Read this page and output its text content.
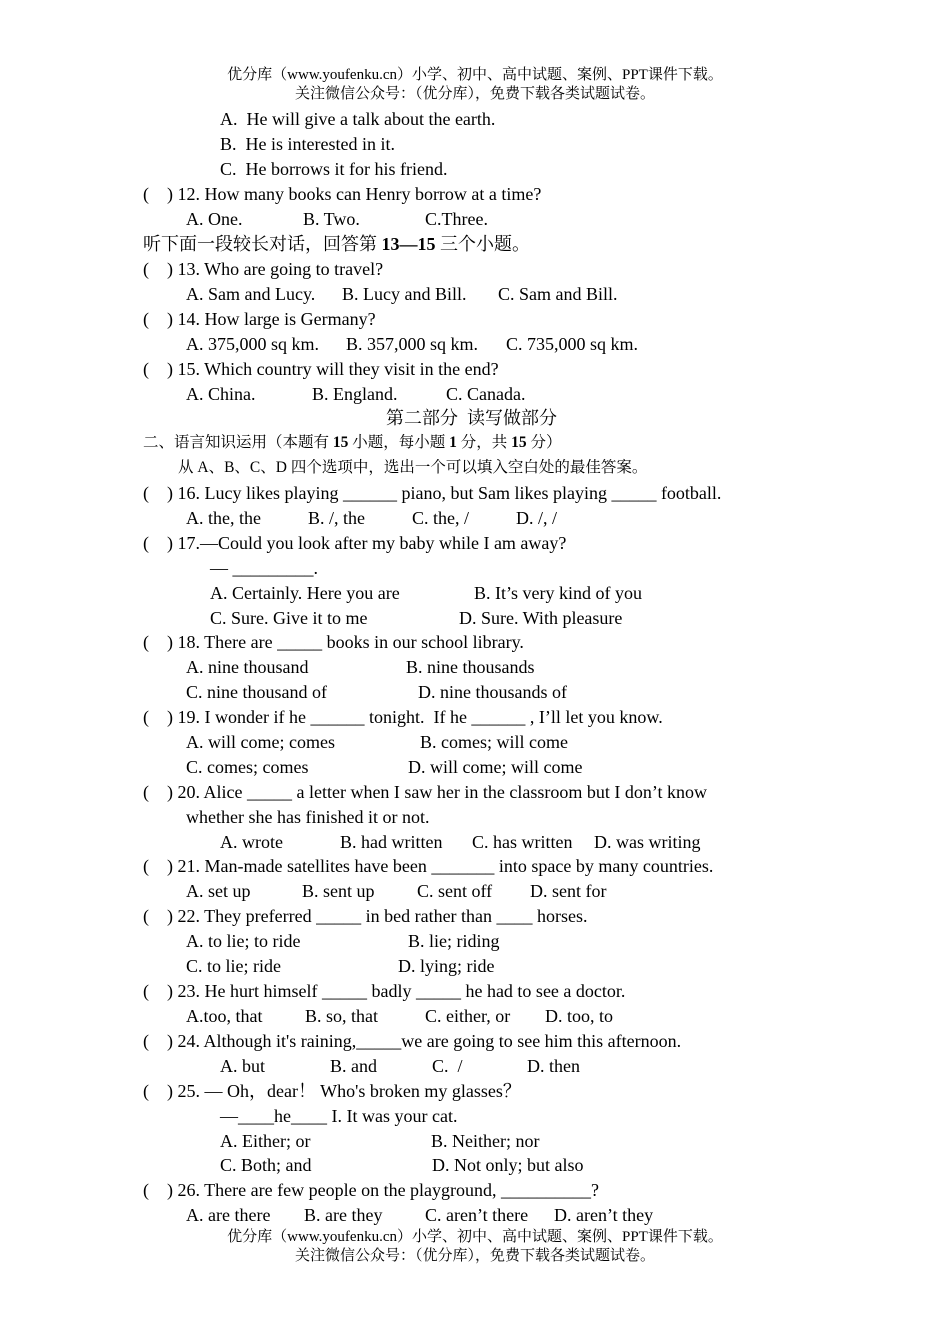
优分库（www.youfenku.cn）小学、初中、高中试题、案例、PPT课件下载。
关注微信公众号：（优分库），免费下载各类试题试卷。
A.  He will give a talk about the earth.
B.  He is interested in it.
C.  He borrows it for his friend.
(    ) 12. How many books can Henry borrow at a time?
A. One.	B. Two.	C.Three.
听下面一段较长对话，回答第 13—15 三个小题。
(    ) 13. Who are going to travel?
A. Sam and Lucy. B. Lucy and Bill. C. Sam and Bill.
(    ) 14. How large is Germany?
A. 375,000 sq km. B. 357,000 sq km. C. 735,000 sq km.
(    ) 15. Which country will they visit in the end?
A. China.	B. England.	C. Canada.
第二部分  读写做部分
二、语言知识运用（本题有 15 小题，每小题 1 分，共 15 分）
从 A、B、C、D 四个选项中，选出一个可以填入空白处的最佳答案。
(    ) 16. Lucy likes playing ______ piano, but Sam likes playing _____ football.
A. the, the	B. /, the	C. the, /	D. /, /
(    ) 17.—Could you look after my baby while I am away?
— _________.
A. Certainly. Here you are	B. It’s very kind of you
C. Sure. Give it to me	D. Sure. With pleasure
(    ) 18. There are _____ books in our school library.
A. nine thousand	B. nine thousands
C. nine thousand of	D. nine thousands of
(    ) 19. I wonder if he ______ tonight.  If he ______ , I’ll let you know.
A. will come; comes	B. comes; will come
C. comes; comes	D. will come; will come
(    ) 20. Alice _____ a letter when I saw her in the classroom but I don’t know
whether she has finished it or not.
A. wrote	B. had written C. has written D. was writing
(    ) 21. Man-made satellites have been _______ into space by many countries.
A. set up	B. sent up C. sent off D. sent for
(    ) 22. They preferred _____ in bed rather than ____ horses.
A. to lie; to ride	B. lie; riding
C. to lie; ride	D. lying; ride
(    ) 23. He hurt himself _____ badly _____ he had to see a doctor.
A.too, that B. so, that	C. either, or D. too, to
(    ) 24. Although it's raining,_____we are going to see him this afternoon.
A. but	B. and	C.  /	D. then
(    ) 25. — Oh，dear！ Who's broken my glasses？
—____he____ I. It was your cat.
A. Either; or	B. Neither; nor
C. Both; and	D. Not only; but also
(    ) 26. There are few people on the playground, __________?
A. are there B. are they C. aren’t there D. aren’t they
优分库（www.youfenku.cn）小学、初中、高中试题、案例、PPT课件下载。
关注微信公众号：（优分库），免费下载各类试题试卷。
